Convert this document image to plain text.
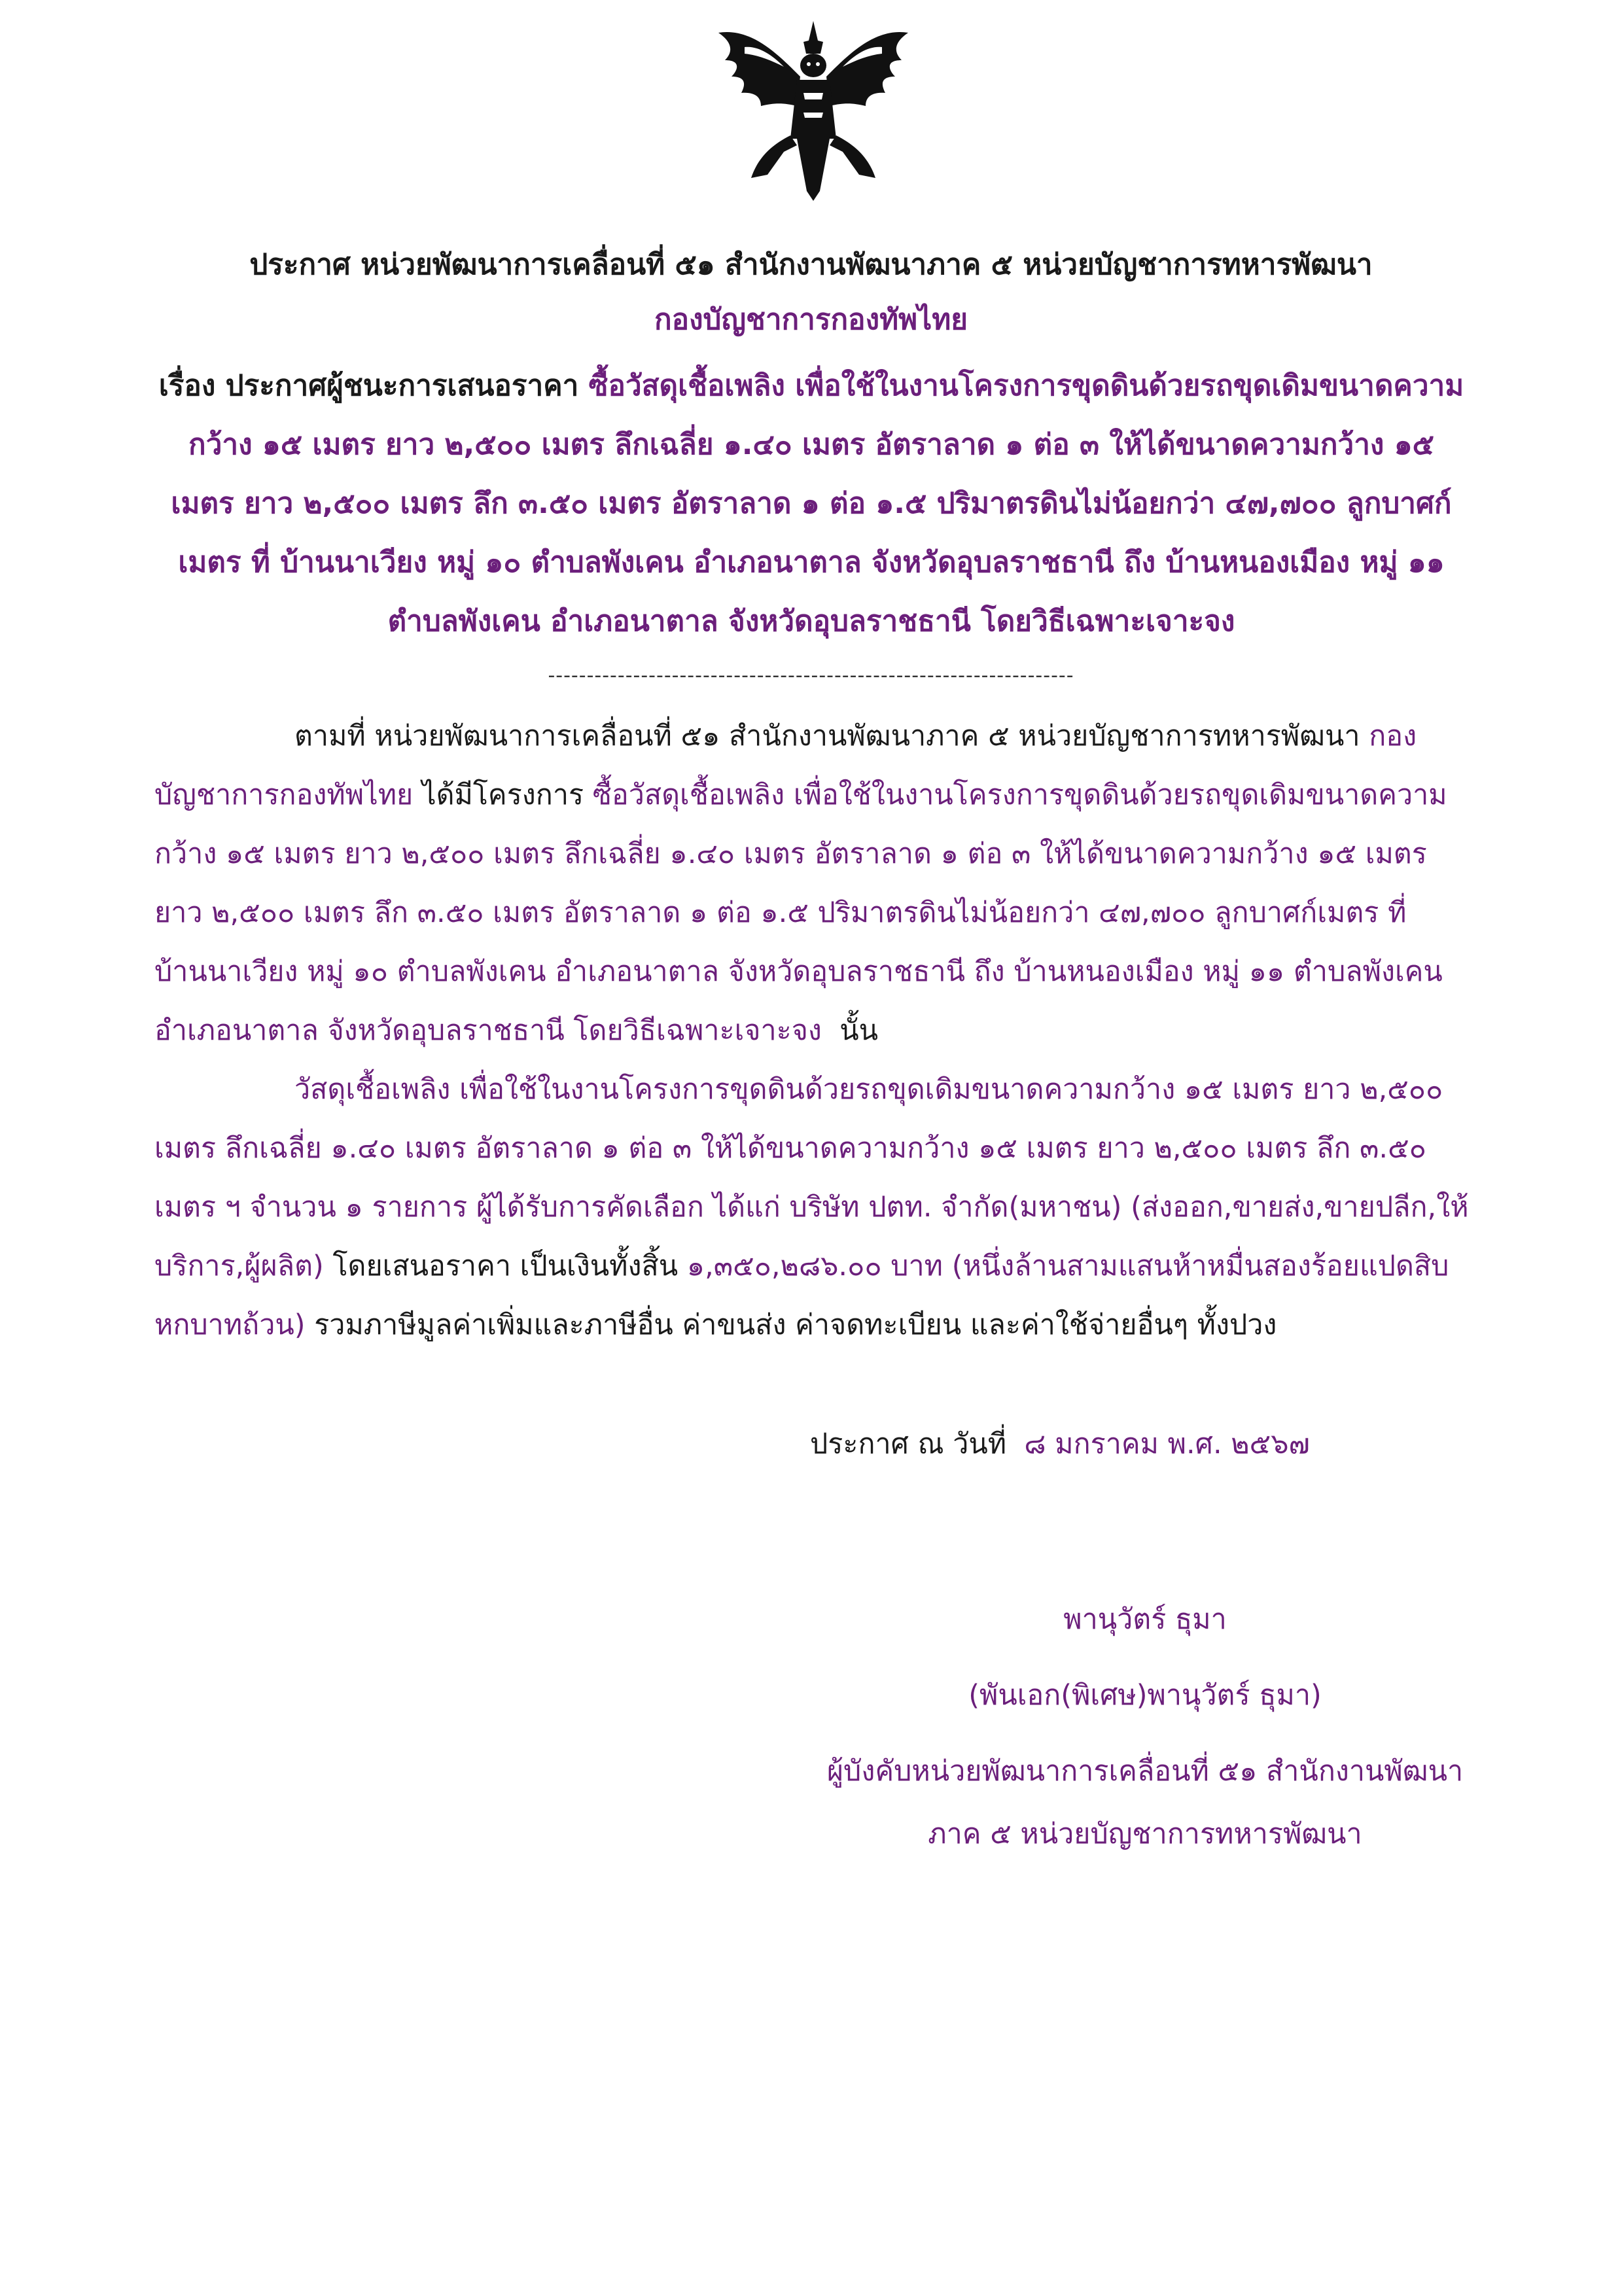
ประกาศ หน่วยพัฒนาการเคลื่อนที่ ๕๑ สำนักงานพัฒนาภาค ๕ หน่วยบัญชาการทหารพัฒนา
กองบัญชาการกองทัพไทย
เรื่อง ประกาศผู้ชนะการเสนอราคา ซื้อวัสดุเชื้อเพลิง เพื่อใช้ในงานโครงการขุดดินด้วยรถขุดเดิมขนาดความกว้าง ๑๕ เมตร ยาว ๒,๕๐๐ เมตร ลึกเฉลี่ย ๑.๔๐ เมตร อัตราลาด ๑ ต่อ ๓ ให้ได้ขนาดความกว้าง ๑๕ เมตร ยาว ๒,๕๐๐ เมตร ลึก ๓.๕๐ เมตร อัตราลาด ๑ ต่อ ๑.๕ ปริมาตรดินไม่น้อยกว่า ๔๗,๗๐๐ ลูกบาศก์เมตร ที่ บ้านนาเวียง หมู่ ๑๐ ตำบลพังเคน อำเภอนาตาล จังหวัดอุบลราชธานี ถึง บ้านหนองเมือง หมู่ ๑๑ ตำบลพังเคน อำเภอนาตาล จังหวัดอุบลราชธานี โดยวิธีเฉพาะเจาะจง
--------------------------------------------------------------------
ตามที่ หน่วยพัฒนาการเคลื่อนที่ ๕๑ สำนักงานพัฒนาภาค ๕ หน่วยบัญชาการทหารพัฒนา กองบัญชาการกองทัพไทย ได้มีโครงการ ซื้อวัสดุเชื้อเพลิง เพื่อใช้ในงานโครงการขุดดินด้วยรถขุดเดิมขนาดความกว้าง ๑๕ เมตร ยาว ๒,๕๐๐ เมตร ลึกเฉลี่ย ๑.๔๐ เมตร อัตราลาด ๑ ต่อ ๓ ให้ได้ขนาดความกว้าง ๑๕ เมตร ยาว ๒,๕๐๐ เมตร ลึก ๓.๕๐ เมตร อัตราลาด ๑ ต่อ ๑.๕ ปริมาตรดินไม่น้อยกว่า ๔๗,๗๐๐ ลูกบาศก์เมตร ที่ บ้านนาเวียง หมู่ ๑๐ ตำบลพังเคน อำเภอนาตาล จังหวัดอุบลราชธานี ถึง บ้านหนองเมือง หมู่ ๑๑ ตำบลพังเคน อำเภอนาตาล จังหวัดอุบลราชธานี โดยวิธีเฉพาะเจาะจง นั้น
วัสดุเชื้อเพลิง เพื่อใช้ในงานโครงการขุดดินด้วยรถขุดเดิมขนาดความกว้าง ๑๕ เมตร ยาว ๒,๕๐๐ เมตร ลึกเฉลี่ย ๑.๔๐ เมตร อัตราลาด ๑ ต่อ ๓ ให้ได้ขนาดความกว้าง ๑๕ เมตร ยาว ๒,๕๐๐ เมตร ลึก ๓.๕๐ เมตร ฯ จำนวน ๑ รายการ ผู้ได้รับการคัดเลือก ได้แก่ บริษัท ปตท. จำกัด(มหาชน) (ส่งออก,ขายส่ง,ขายปลีก,ให้บริการ,ผู้ผลิต) โดยเสนอราคา เป็นเงินทั้งสิ้น ๑,๓๕๐,๒๘๖.๐๐ บาท (หนึ่งล้านสามแสนห้าหมื่นสองร้อยแปดสิบหกบาทถ้วน) รวมภาษีมูลค่าเพิ่มและภาษีอื่น ค่าขนส่ง ค่าจดทะเบียน และค่าใช้จ่ายอื่นๆ ทั้งปวง
ประกาศ ณ วันที่ ๘ มกราคม พ.ศ. ๒๕๖๗
พานุวัตร์ ธุมา
(พันเอก(พิเศษ)พานุวัตร์ ธุมา)
ผู้บังคับหน่วยพัฒนาการเคลื่อนที่ ๕๑ สำนักงานพัฒนา
ภาค ๕ หน่วยบัญชาการทหารพัฒนา
